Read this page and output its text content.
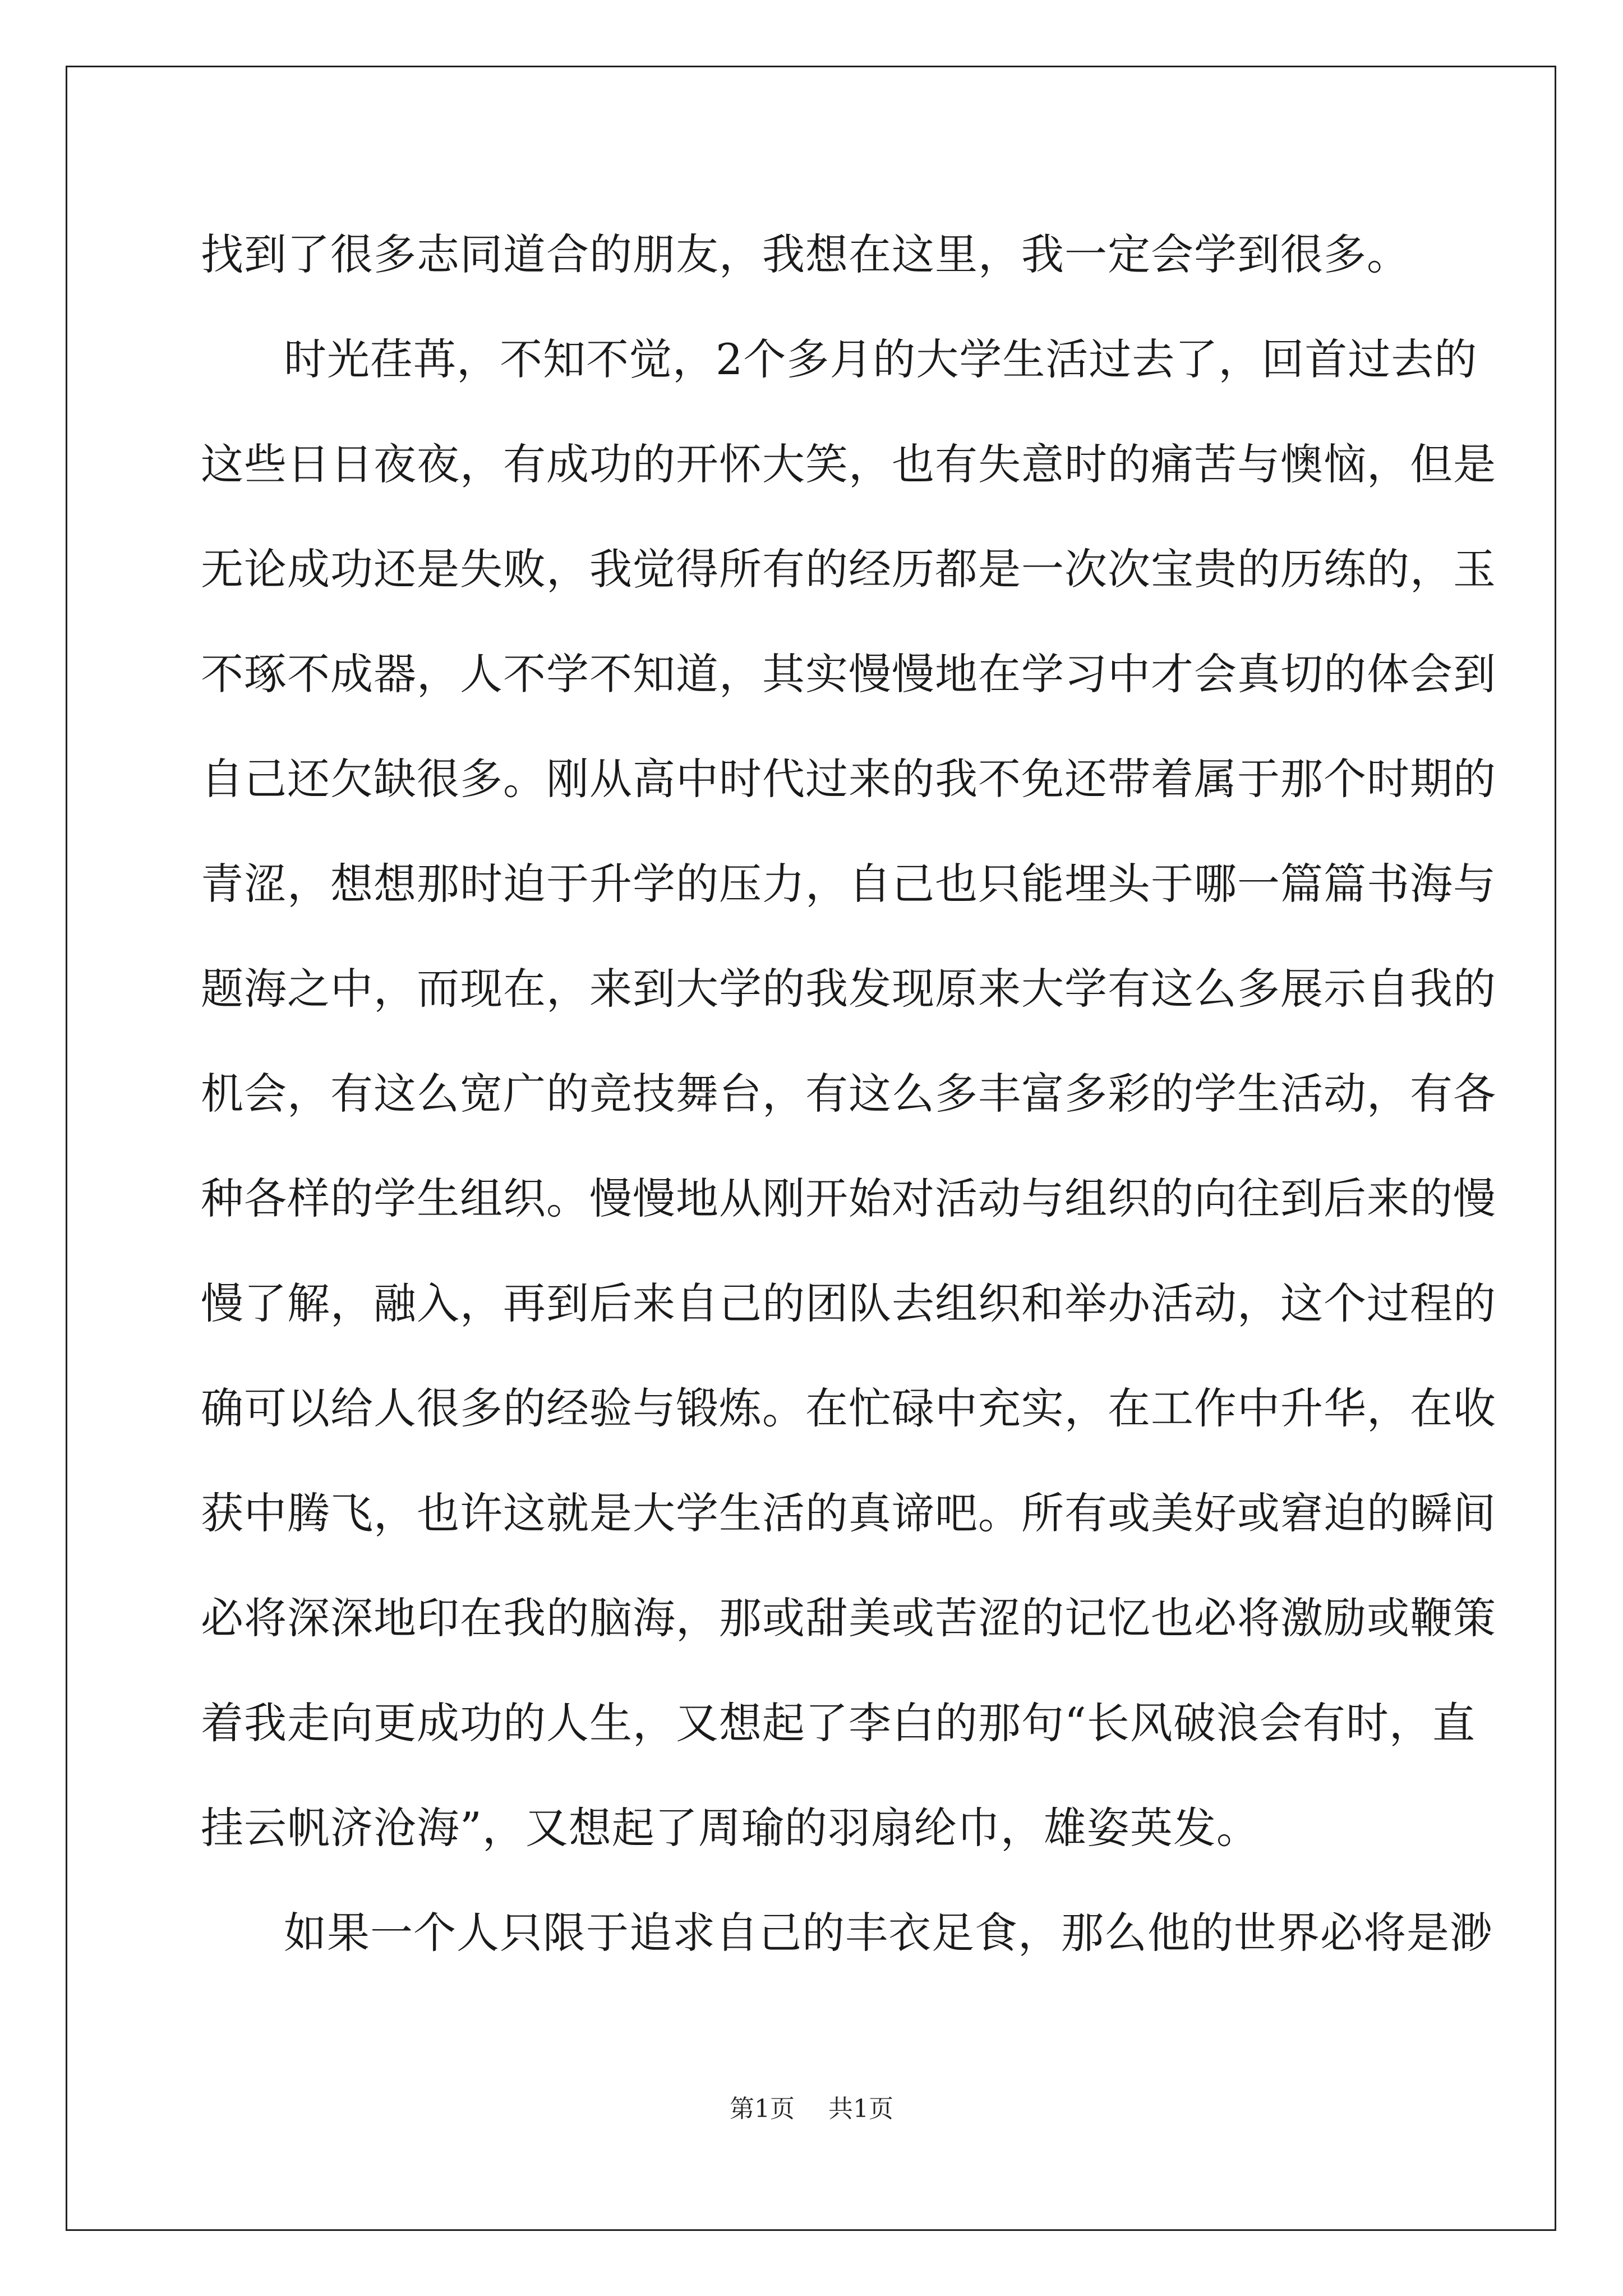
找到了很多志同道合的朋友，我想在这里，我一定会学到很多。
时光荏苒，不知不觉，2个多月的大学生活过去了，回首过去的
这些日日夜夜，有成功的开怀大笑，也有失意时的痛苦与懊恼，但是
无论成功还是失败，我觉得所有的经历都是一次次宝贵的历练的，玉
不琢不成器，人不学不知道，其实慢慢地在学习中才会真切的体会到
自己还欠缺很多。刚从高中时代过来的我不免还带着属于那个时期的
青涩，想想那时迫于升学的压力，自己也只能埋头于哪一篇篇书海与
题海之中，而现在，来到大学的我发现原来大学有这么多展示自我的
机会，有这么宽广的竞技舞台，有这么多丰富多彩的学生活动，有各
种各样的学生组织。慢慢地从刚开始对活动与组织的向往到后来的慢
慢了解，融入，再到后来自己的团队去组织和举办活动，这个过程的
确可以给人很多的经验与锻炼。在忙碌中充实，在工作中升华，在收
获中腾飞，也许这就是大学生活的真谛吧。所有或美好或窘迫的瞬间
必将深深地印在我的脑海，那或甜美或苦涩的记忆也必将激励或鞭策
着我走向更成功的人生，又想起了李白的那句“长风破浪会有时，直
挂云帆济沧海”，又想起了周瑜的羽扇纶巾，雄姿英发。
如果一个人只限于追求自己的丰衣足食，那么他的世界必将是渺
第1页 共1页
